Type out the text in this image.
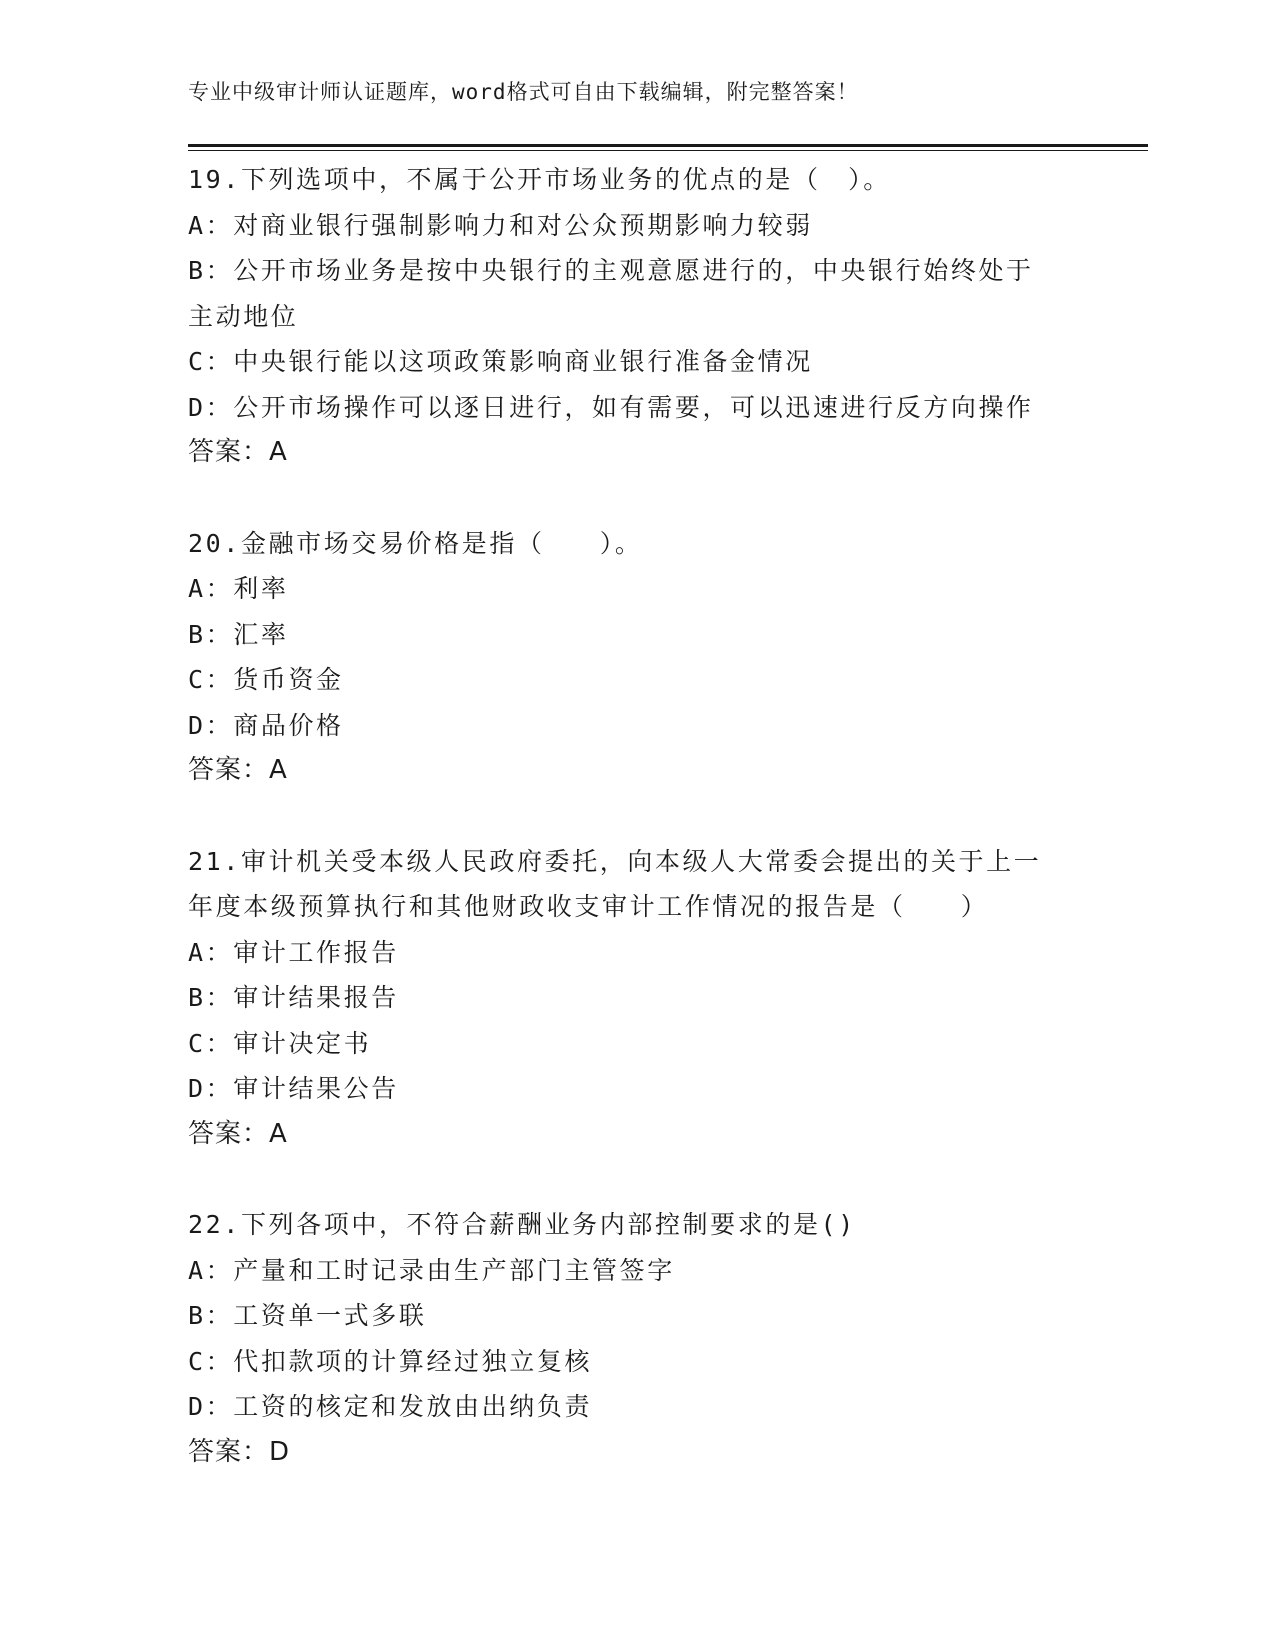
专业中级审计师认证题库，word格式可自由下载编辑，附完整答案！
19.下列选项中，不属于公开市场业务的优点的是（　）。
A：对商业银行强制影响力和对公众预期影响力较弱
B：公开市场业务是按中央银行的主观意愿进行的，中央银行始终处于
主动地位
C：中央银行能以这项政策影响商业银行准备金情况
D：公开市场操作可以逐日进行，如有需要，可以迅速进行反方向操作
答案：A
20.金融市场交易价格是指（　　）。
A：利率
B：汇率
C：货币资金
D：商品价格
答案：A
21.审计机关受本级人民政府委托，向本级人大常委会提出的关于上一
年度本级预算执行和其他财政收支审计工作情况的报告是（　　）
A：审计工作报告
B：审计结果报告
C：审计决定书
D：审计结果公告
答案：A
22.下列各项中，不符合薪酬业务内部控制要求的是()
A：产量和工时记录由生产部门主管签字
B：工资单一式多联
C：代扣款项的计算经过独立复核
D：工资的核定和发放由出纳负责
答案：D
